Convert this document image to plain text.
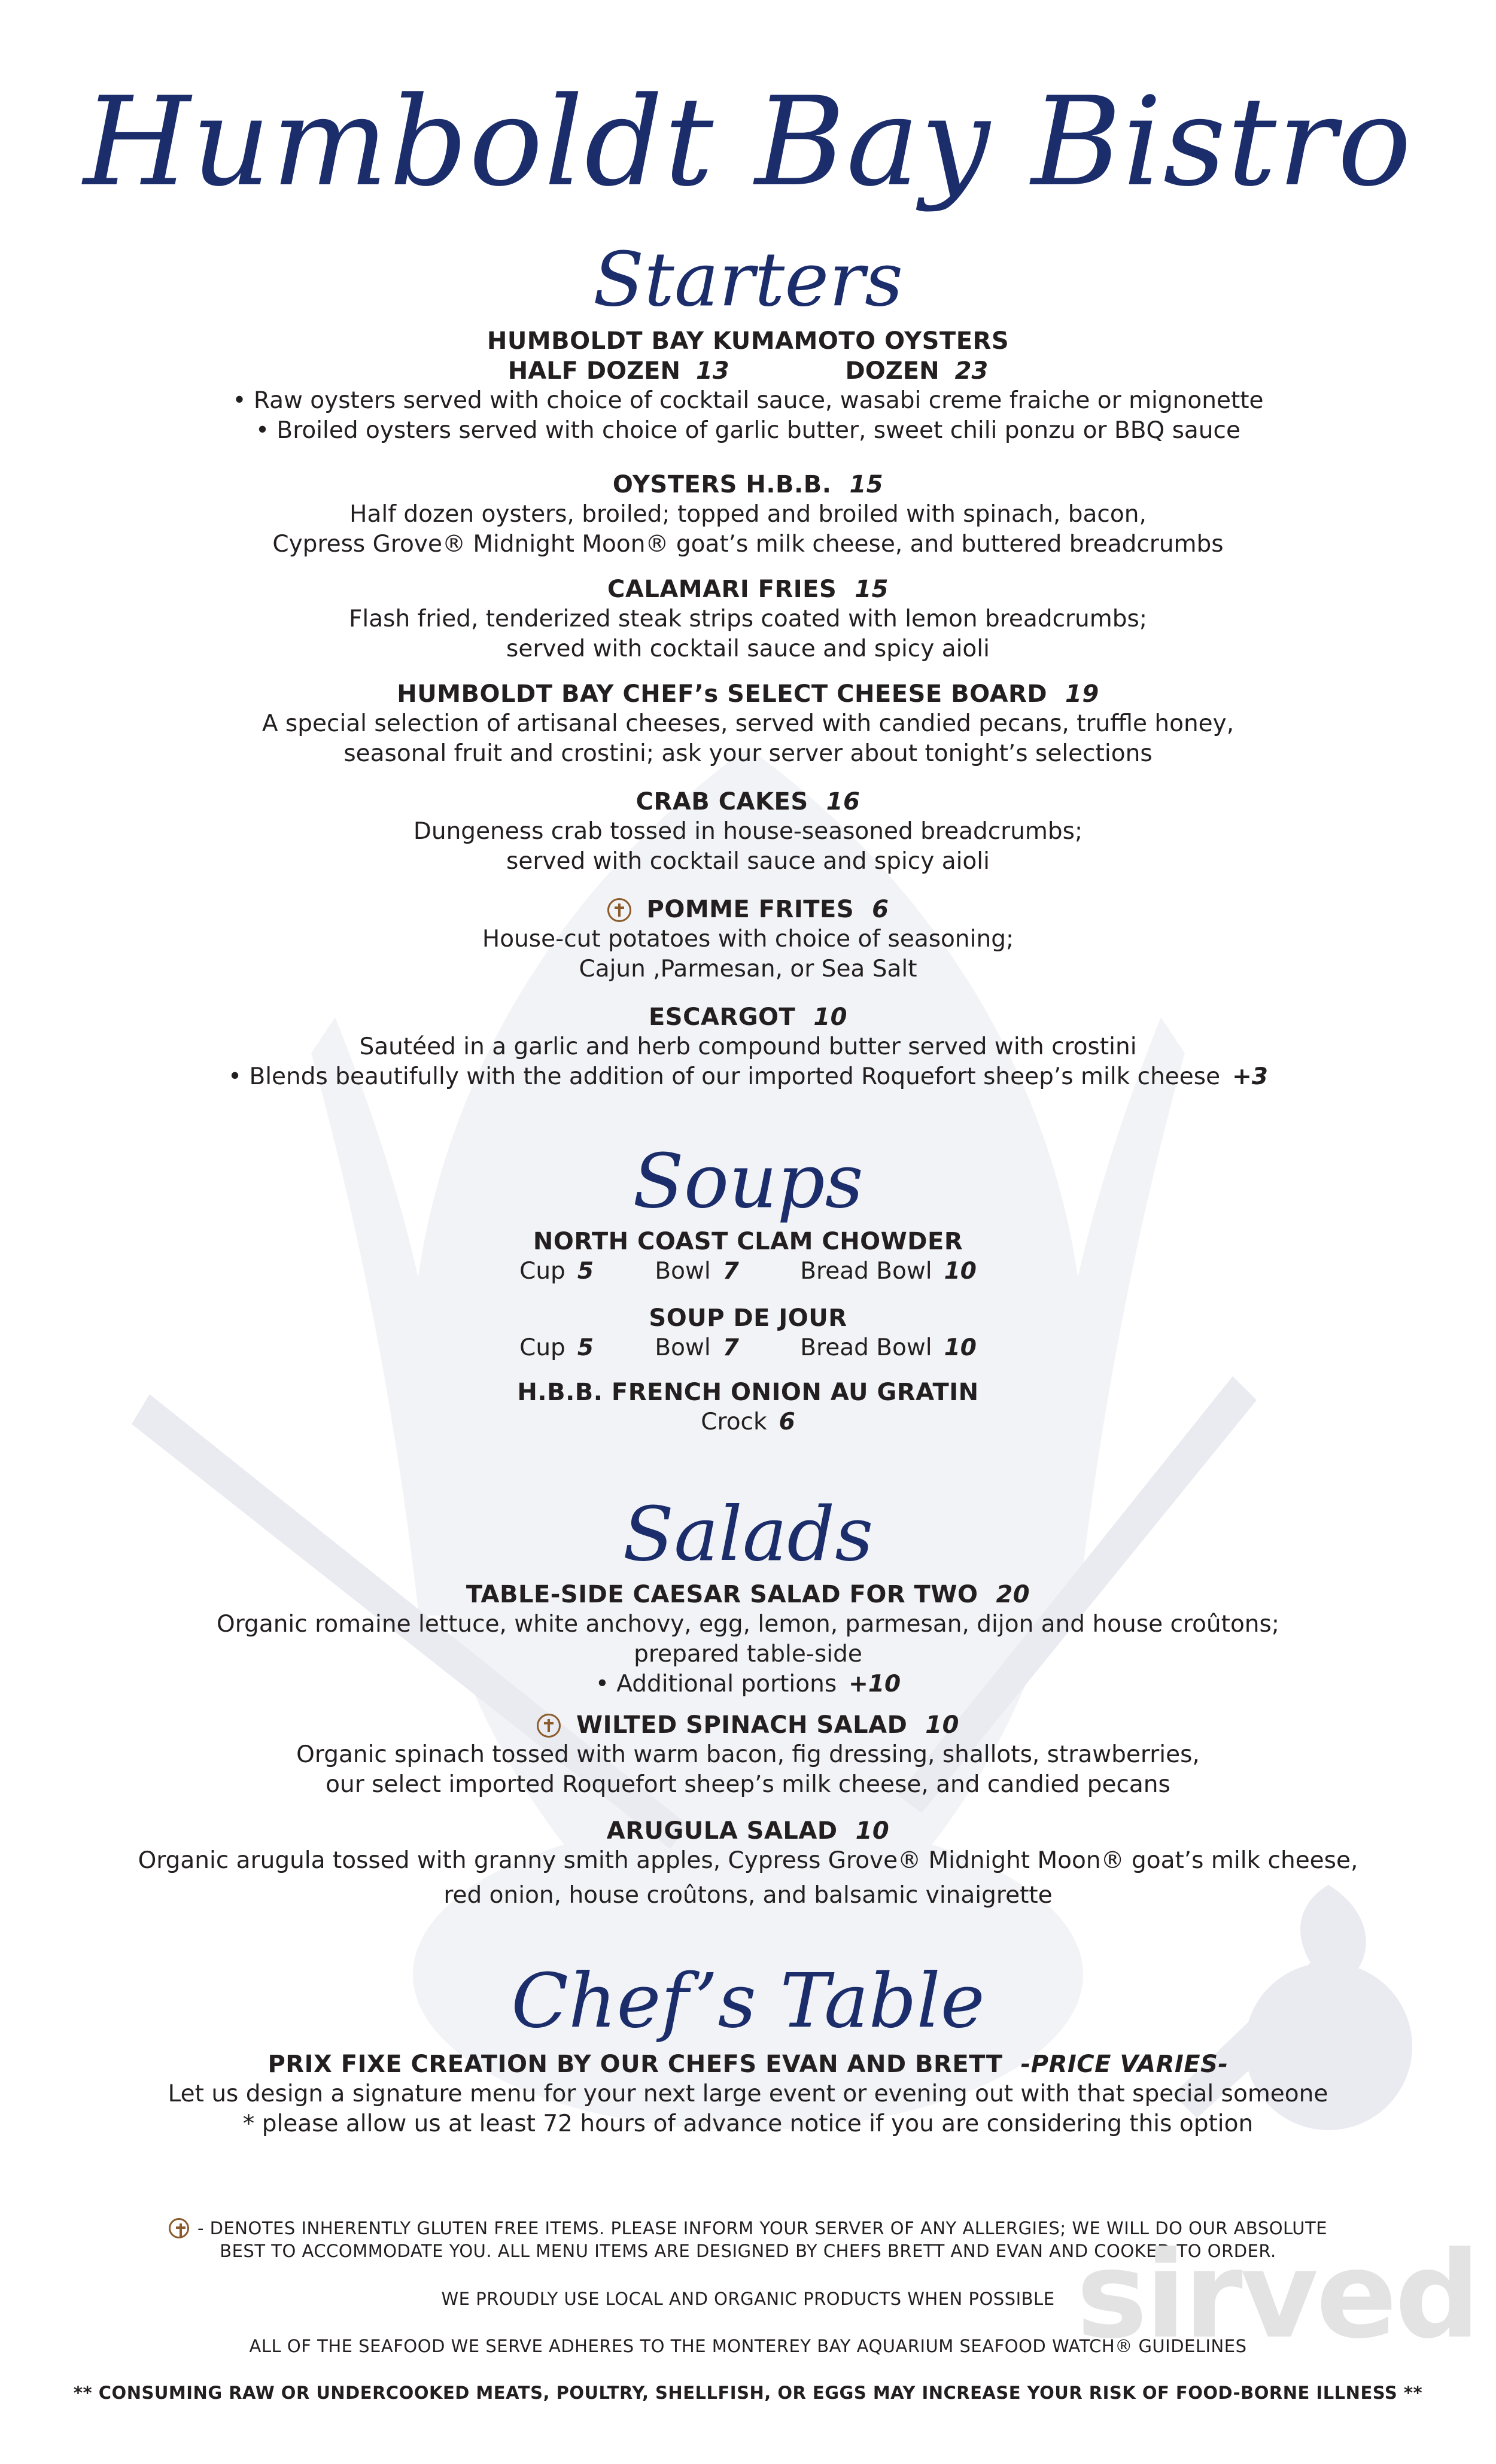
Humboldt Bay Bistro
Starters
HUMBOLDT BAY KUMAMOTO OYSTERS
HALF DOZEN 13	DOZEN 23
• Raw oysters served with choice of cocktail sauce, wasabi creme fraiche or mignonette
• Broiled oysters served with choice of garlic butter, sweet chili ponzu or BBQ sauce
OYSTERS H.B.B. 15
Half dozen oysters, broiled; topped and broiled with spinach, bacon,
Cypress Grove® Midnight Moon® goat’s milk cheese, and buttered breadcrumbs
CALAMARI FRIES 15
Flash fried, tenderized steak strips coated with lemon breadcrumbs;
served with cocktail sauce and spicy aioli
HUMBOLDT BAY CHEF’s SELECT CHEESE BOARD 19
A special selection of artisanal cheeses, served with candied pecans, truffle honey,
seasonal fruit and crostini; ask your server about tonight’s selections
CRAB CAKES 16
Dungeness crab tossed in house-seasoned breadcrumbs;
served with cocktail sauce and spicy aioli
POMME FRITES 6
House-cut potatoes with choice of seasoning;
Cajun ,Parmesan, or Sea Salt
ESCARGOT 10
Sautéed in a garlic and herb compound butter served with crostini
• Blends beautifully with the addition of our imported Roquefort sheep’s milk cheese +3
Soups
NORTH COAST CLAM CHOWDER
Cup 5	Bowl 7	Bread Bowl 10
SOUP DE JOUR
Cup 5	Bowl 7	Bread Bowl 10
H.B.B. FRENCH ONION AU GRATIN
Crock 6
Salads
TABLE-SIDE CAESAR SALAD FOR TWO 20
Organic romaine lettuce, white anchovy, egg, lemon, parmesan, dijon and house croûtons;
prepared table-side
• Additional portions +10
WILTED SPINACH SALAD 10
Organic spinach tossed with warm bacon, fig dressing, shallots, strawberries,
our select imported Roquefort sheep’s milk cheese, and candied pecans
ARUGULA SALAD 10
Organic arugula tossed with granny smith apples, Cypress Grove® Midnight Moon® goat’s milk cheese,
red onion, house croûtons, and balsamic vinaigrette
Chef’s Table
PRIX FIXE CREATION BY OUR CHEFS EVAN AND BRETT -PRICE VARIES-
Let us design a signature menu for your next large event or evening out with that special someone
* please allow us at least 72 hours of advance notice if you are considering this option
- DENOTES INHERENTLY GLUTEN FREE ITEMS. PLEASE INFORM YOUR SERVER OF ANY ALLERGIES; WE WILL DO OUR ABSOLUTE
BEST TO ACCOMMODATE YOU. ALL MENU ITEMS ARE DESIGNED BY CHEFS BRETT AND EVAN AND COOKED TO ORDER.
WE PROUDLY USE LOCAL AND ORGANIC PRODUCTS WHEN POSSIBLE
ALL OF THE SEAFOOD WE SERVE ADHERES TO THE MONTEREY BAY AQUARIUM SEAFOOD WATCH® GUIDELINES
** CONSUMING RAW OR UNDERCOOKED MEATS, POULTRY, SHELLFISH, OR EGGS MAY INCREASE YOUR RISK OF FOOD-BORNE ILLNESS **
sirved
